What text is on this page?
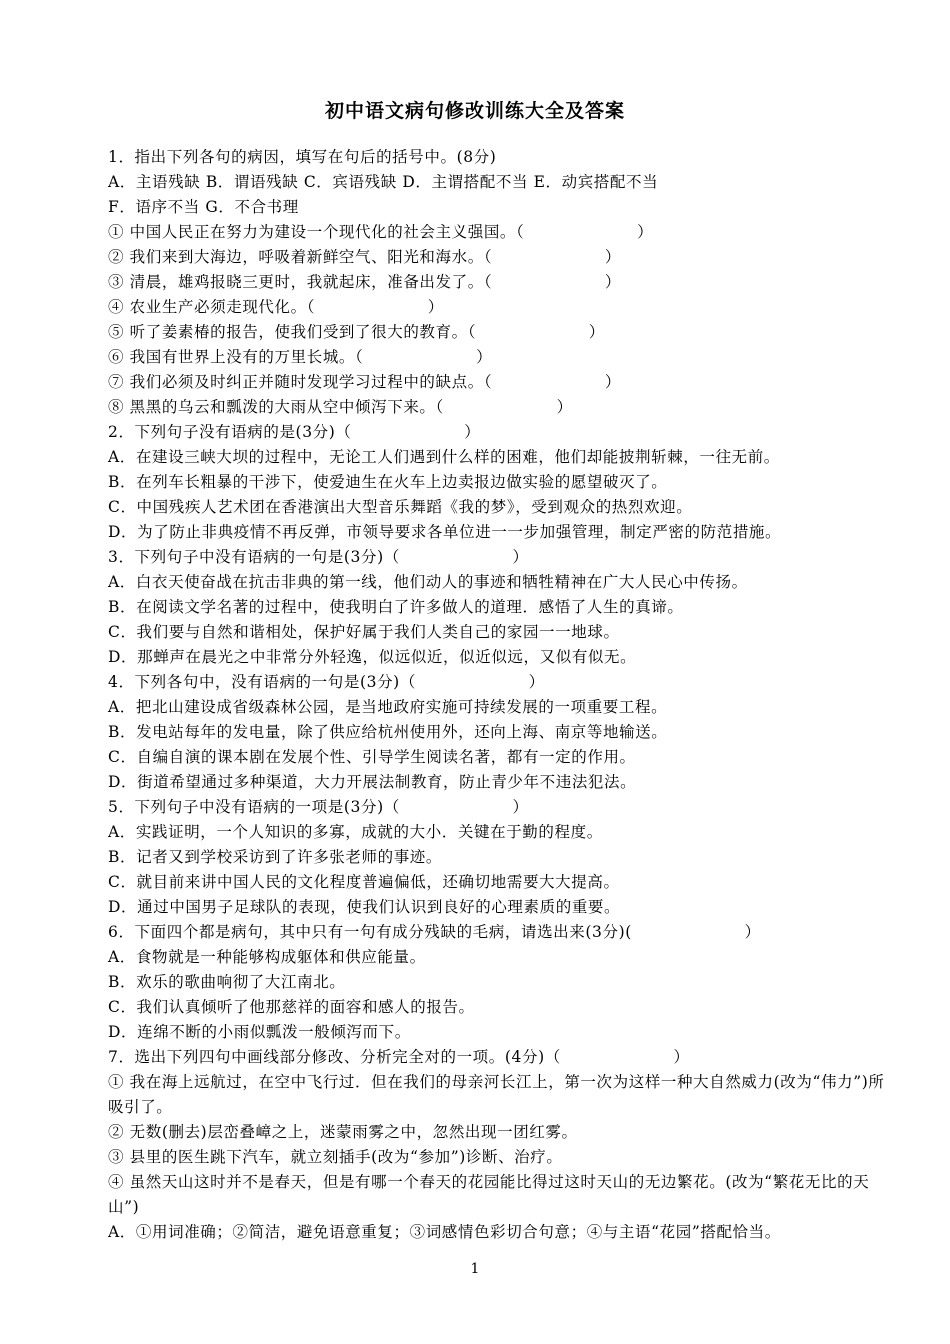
初中语文病句修改训练大全及答案
1．指出下列各句的病因，填写在句后的括号中。(8分)
A．主语残缺 B．谓语残缺 C．宾语残缺 D．主谓搭配不当 E．动宾搭配不当
F．语序不当 G．不合书理
① 中国人民正在努力为建设一个现代化的社会主义强国。（　　　　　　　）
② 我们来到大海边，呼吸着新鲜空气、阳光和海水。（　　　　　　　）
③ 清晨，雄鸡报晓三更时，我就起床，准备出发了。（　　　　　　　）
④ 农业生产必须走现代化。（　　　　　　　）
⑤ 听了姜素椿的报告，使我们受到了很大的教育。（　　　　　　　）
⑥ 我国有世界上没有的万里长城。（　　　　　　　）
⑦ 我们必须及时纠正并随时发现学习过程中的缺点。（　　　　　　　）
⑧ 黑黑的乌云和瓢泼的大雨从空中倾泻下来。（　　　　　　　）
2．下列句子没有语病的是(3分)（　　　　　　　）
A．在建设三峡大坝的过程中，无论工人们遇到什么样的困难，他们却能披荆斩棘，一往无前。
B．在列车长粗暴的干涉下，使爱迪生在火车上边卖报边做实验的愿望破灭了。
C．中国残疾人艺术团在香港演出大型音乐舞蹈《我的梦》，受到观众的热烈欢迎。
D．为了防止非典疫情不再反弹，市领导要求各单位进一一步加强管理，制定严密的防范措施。
3．下列句子中没有语病的一句是(3分)（　　　　　　　）
A．白衣天使奋战在抗击非典的第一线，他们动人的事迹和牺牲精神在广大人民心中传扬。
B．在阅读文学名著的过程中，使我明白了许多做人的道理．感悟了人生的真谛。
C．我们要与自然和谐相处，保护好属于我们人类自己的家园一一地球。
D．那蝉声在晨光之中非常分外轻逸，似远似近，似近似远，又似有似无。
4．下列各句中，没有语病的一句是(3分)（　　　　　　　）
A．把北山建设成省级森林公园，是当地政府实施可持续发展的一项重要工程。
B．发电站每年的发电量，除了供应给杭州使用外，还向上海、南京等地输送。
C．自编自演的课本剧在发展个性、引导学生阅读名著，都有一定的作用。
D．街道希望通过多种渠道，大力开展法制教育，防止青少年不违法犯法。
5．下列句子中没有语病的一项是(3分)（　　　　　　　）
A．实践证明，一个人知识的多寡，成就的大小．关键在于勤的程度。
B．记者又到学校采访到了许多张老师的事迹。
C．就目前来讲中国人民的文化程度普遍偏低，还确切地需要大大提高。
D．通过中国男子足球队的表现，使我们认识到良好的心理素质的重要。
6．下面四个都是病句，其中只有一句有成分残缺的毛病，请选出来(3分)(　　　　　　　）
A．食物就是一种能够构成躯体和供应能量。
B．欢乐的歌曲响彻了大江南北。
C．我们认真倾听了他那慈祥的面容和感人的报告。
D．连绵不断的小雨似瓢泼一般倾泻而下。
7．选出下列四句中画线部分修改、分析完全对的一项。(4分)（　　　　　　　）
① 我在海上远航过，在空中飞行过．但在我们的母亲河长江上，第一次为这样一种大自然威力(改为“伟力”)所吸引了。
② 无数(删去)层峦叠嶂之上，迷蒙雨雾之中，忽然出现一团红雾。
③ 县里的医生跳下汽车，就立刻插手(改为“参加”)诊断、治疗。
④ 虽然天山这时并不是春天，但是有哪一个春天的花园能比得过这时天山的无边繁花。(改为“繁花无比的天山”)
A．①用词准确；②简洁，避免语意重复；③词感情色彩切合句意；④与主语“花园”搭配恰当。
1
